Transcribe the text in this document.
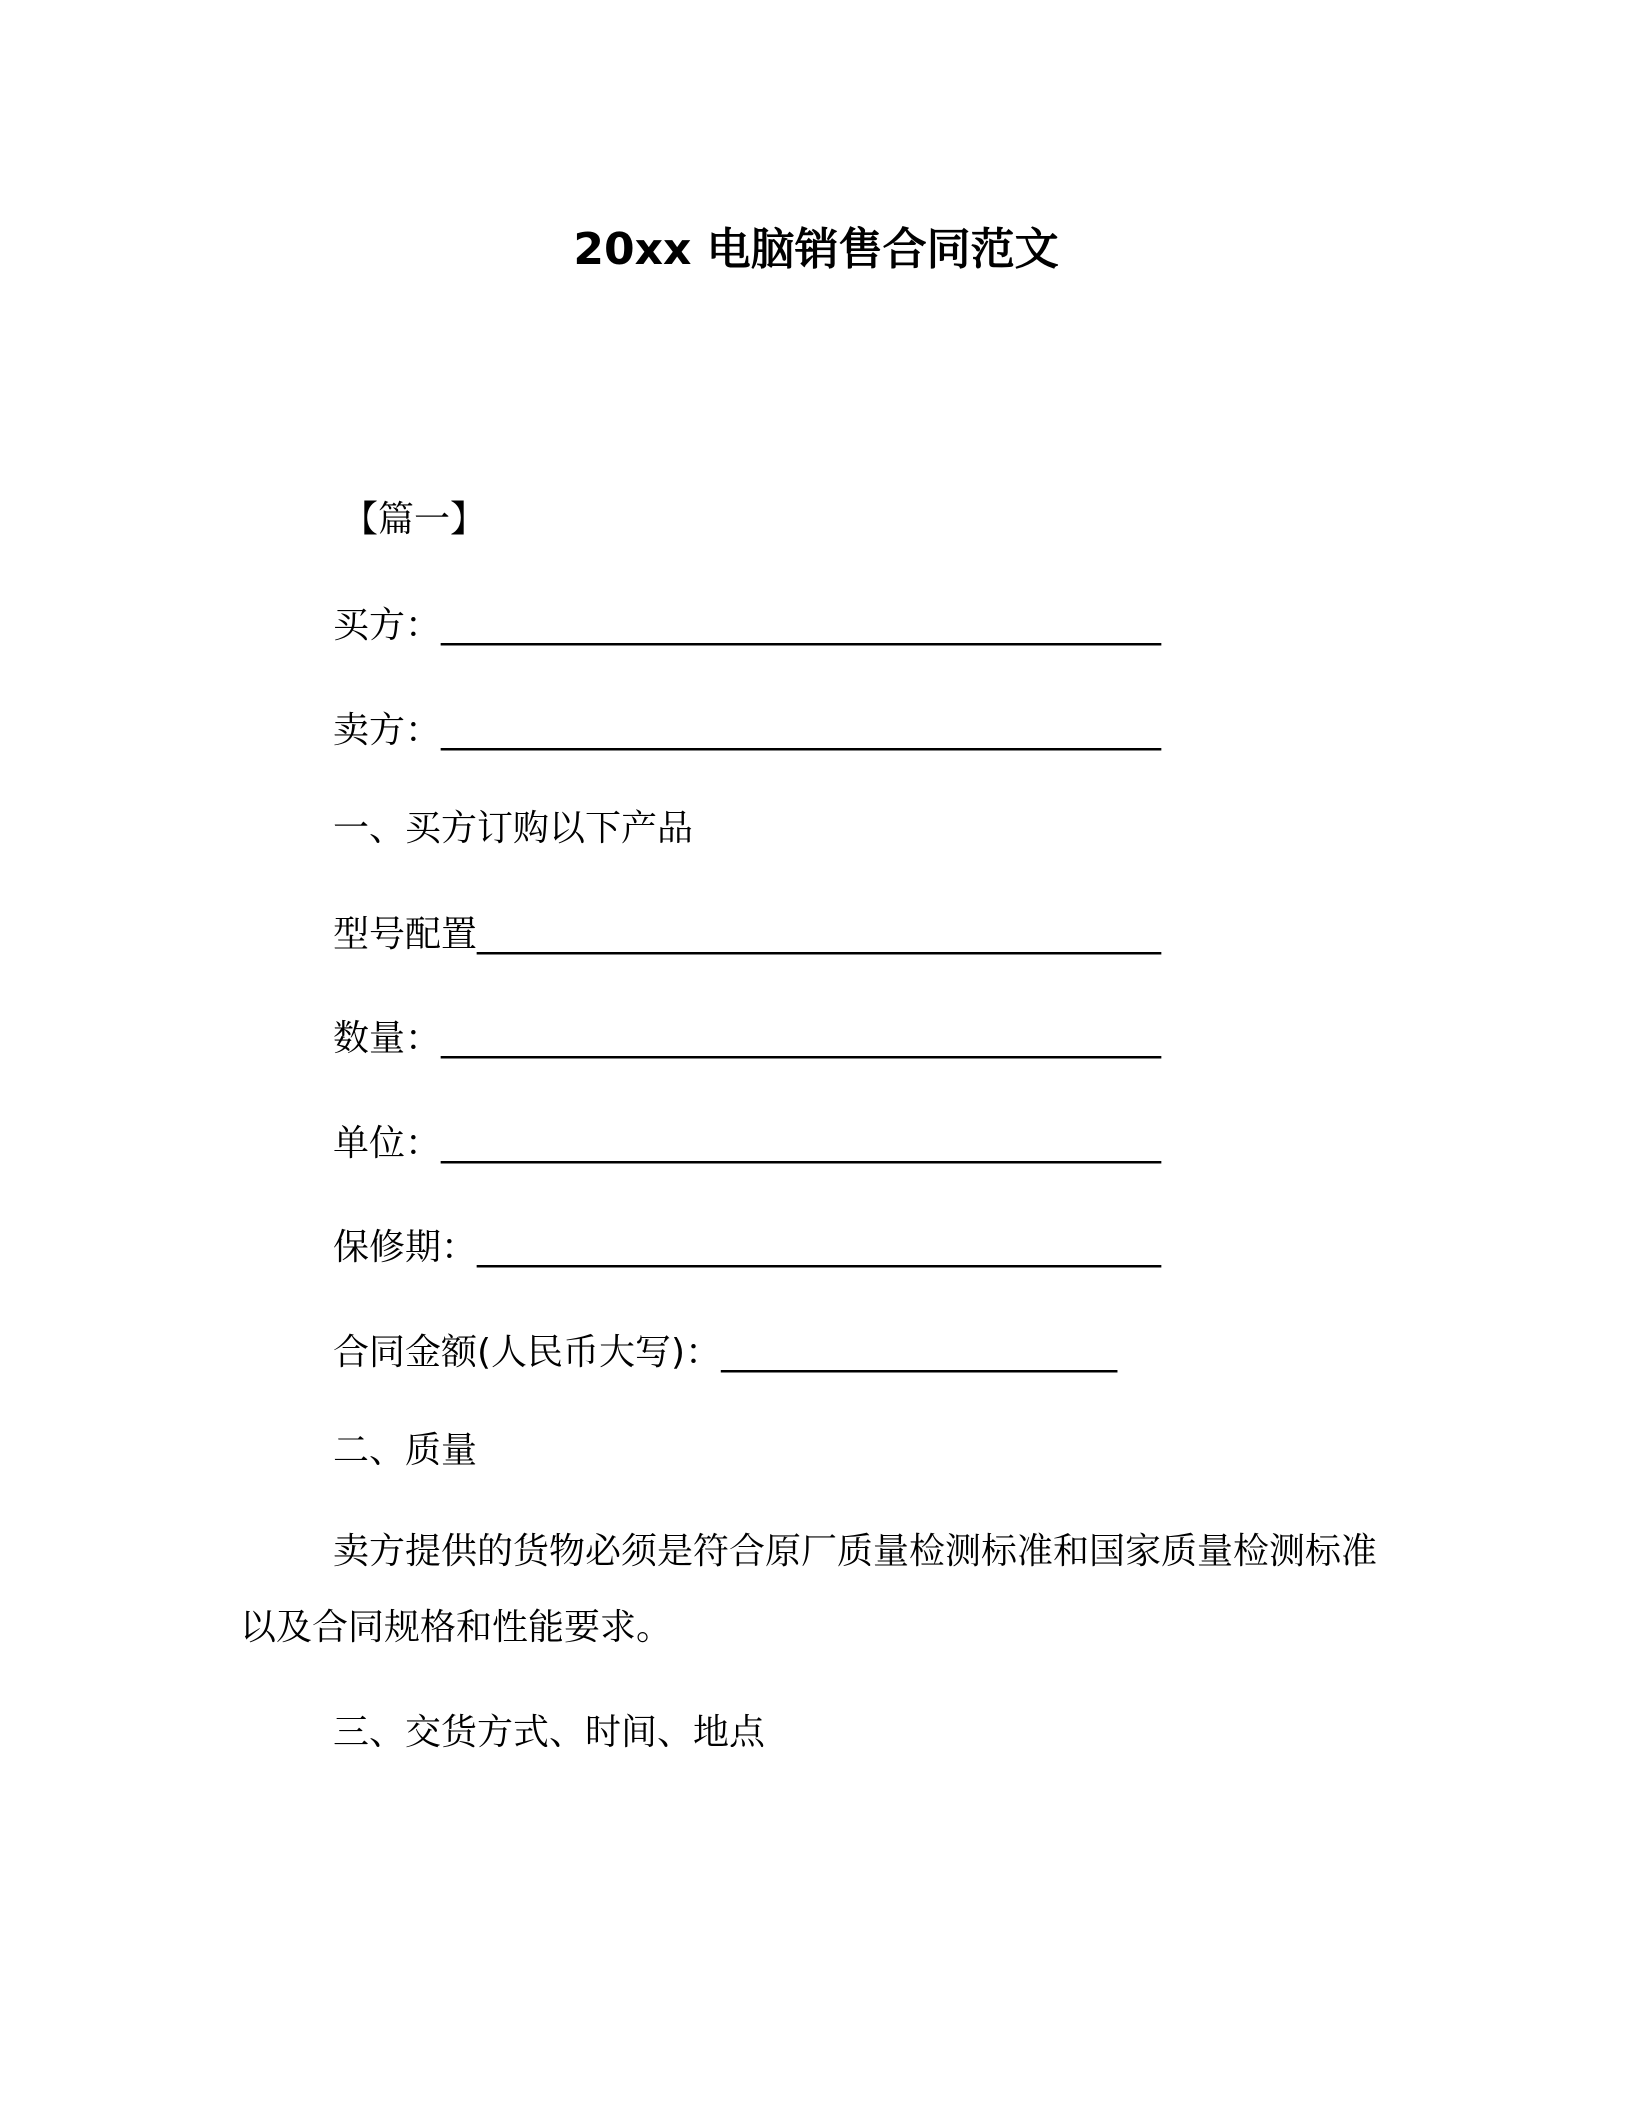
20xx 电脑销售合同范文
【篇一】
买方：________________________________________
卖方：________________________________________
一、买方订购以下产品
型号配置______________________________________
数量：________________________________________
单位：________________________________________
保修期：______________________________________
合同金额(人民币大写)：______________________
二、质量
卖方提供的货物必须是符合原厂质量检测标准和国家质量检测标准以及合同规格和性能要求。
三、交货方式、时间、地点
